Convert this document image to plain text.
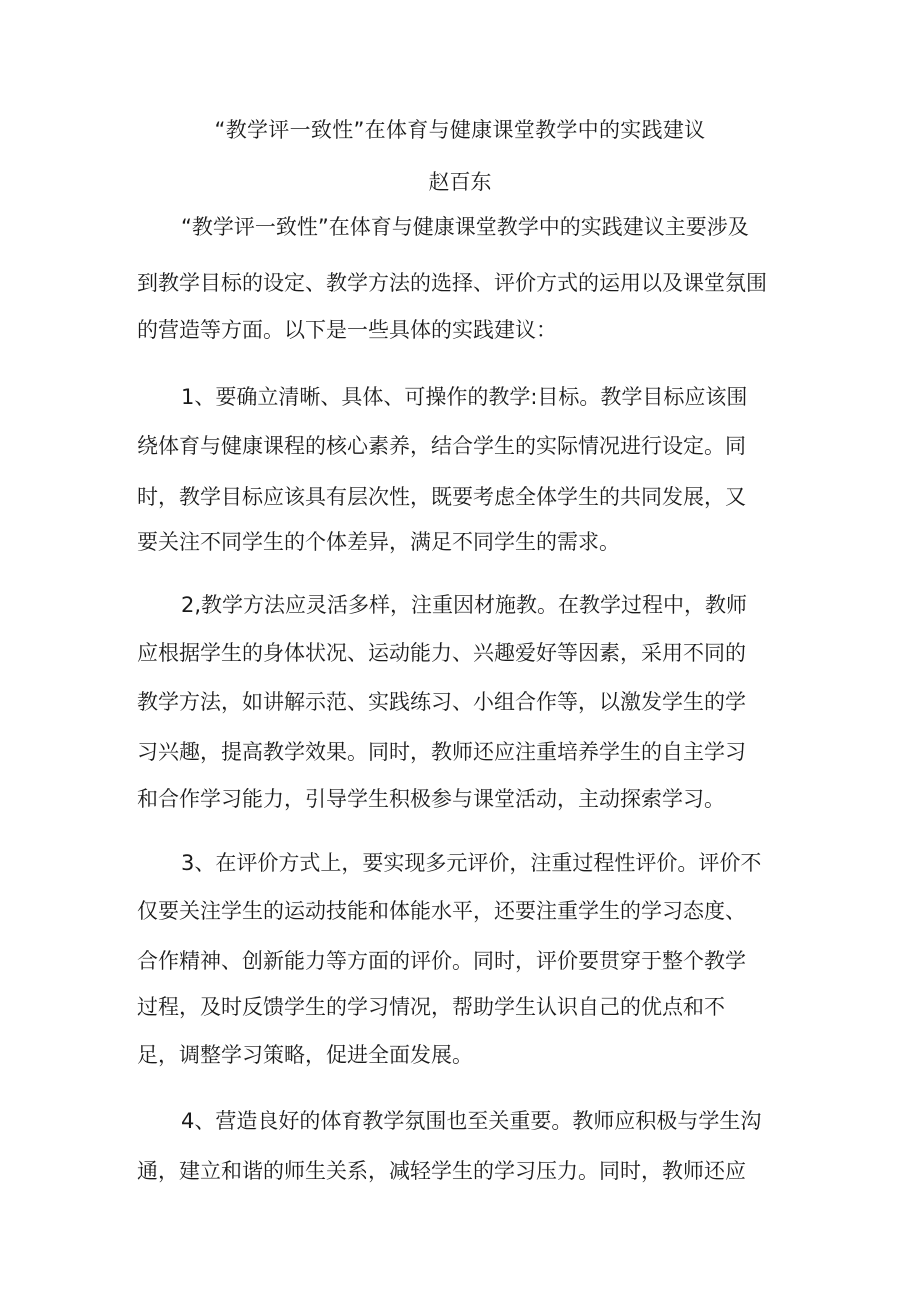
“教学评一致性”在体育与健康课堂教学中的实践建议
赵百东
“教学评一致性”在体育与健康课堂教学中的实践建议主要涉及
到教学目标的设定、教学方法的选择、评价方式的运用以及课堂氛围
的营造等方面。以下是一些具体的实践建议：
1、要确立清晰、具体、可操作的教学:目标。教学目标应该围
绕体育与健康课程的核心素养，结合学生的实际情况进行设定。同
时，教学目标应该具有层次性，既要考虑全体学生的共同发展，又
要关注不同学生的个体差异，满足不同学生的需求。
2,教学方法应灵活多样，注重因材施教。在教学过程中，教师
应根据学生的身体状况、运动能力、兴趣爱好等因素，采用不同的
教学方法，如讲解示范、实践练习、小组合作等，以激发学生的学
习兴趣，提高教学效果。同时，教师还应注重培养学生的自主学习
和合作学习能力，引导学生积极参与课堂活动，主动探索学习。
3、在评价方式上，要实现多元评价，注重过程性评价。评价不
仅要关注学生的运动技能和体能水平，还要注重学生的学习态度、
合作精神、创新能力等方面的评价。同时，评价要贯穿于整个教学
过程，及时反馈学生的学习情况，帮助学生认识自己的优点和不
足，调整学习策略，促进全面发展。
4、营造良好的体育教学氛围也至关重要。教师应积极与学生沟
通，建立和谐的师生关系，减轻学生的学习压力。同时，教师还应
